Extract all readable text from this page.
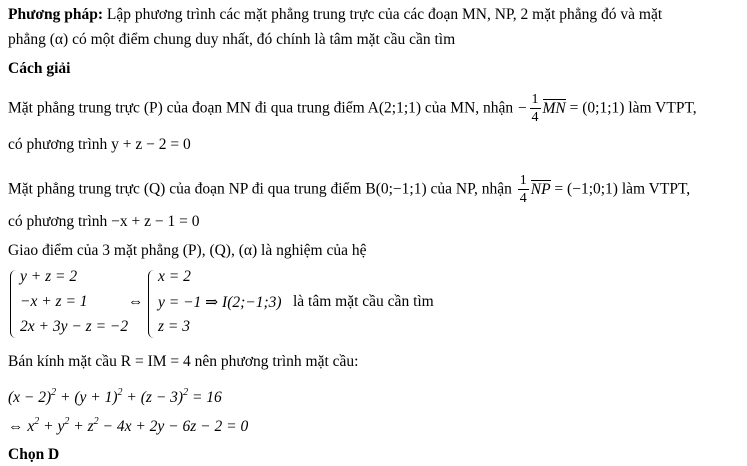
Phương pháp: Lập phương trình các mặt phẳng trung trực của các đoạn MN, NP, 2 mặt phẳng đó và mặt
phẳng (α) có một điểm chung duy nhất, đó chính là tâm mặt cầu cần tìm
Cách giải
Mặt phẳng trung trực (P) của đoạn MN đi qua trung điểm A(2;1;1) của MN, nhận − $\frac{1}{4}$ MN = (0;1;1) làm VTPT,
có phương trình y + z − 2 = 0
Mặt phẳng trung trực (Q) của đoạn NP đi qua trung điểm B(0;−1;1) của NP, nhận $\frac{1}{4}$ NP = (−1;0;1) làm VTPT,
có phương trình −x + z − 1 = 0
Giao điểm của 3 mặt phẳng (P), (Q), (α) là nghiệm của hệ
y + z = 2
−x + z = 1
2x + 3y − z = −2
⇔
x = 2
y = −1 ⇒ I(2;−1;3)
z = 3
là tâm mặt cầu cần tìm
Bán kính mặt cầu R = IM = 4 nên phương trình mặt cầu:
$(x - 2)^2 + (y + 1)^2 + (z - 3)^2 = 16$
⇔ $x^2 + y^2 + z^2 - 4x + 2y - 6z - 2 = 0$
Chọn D
